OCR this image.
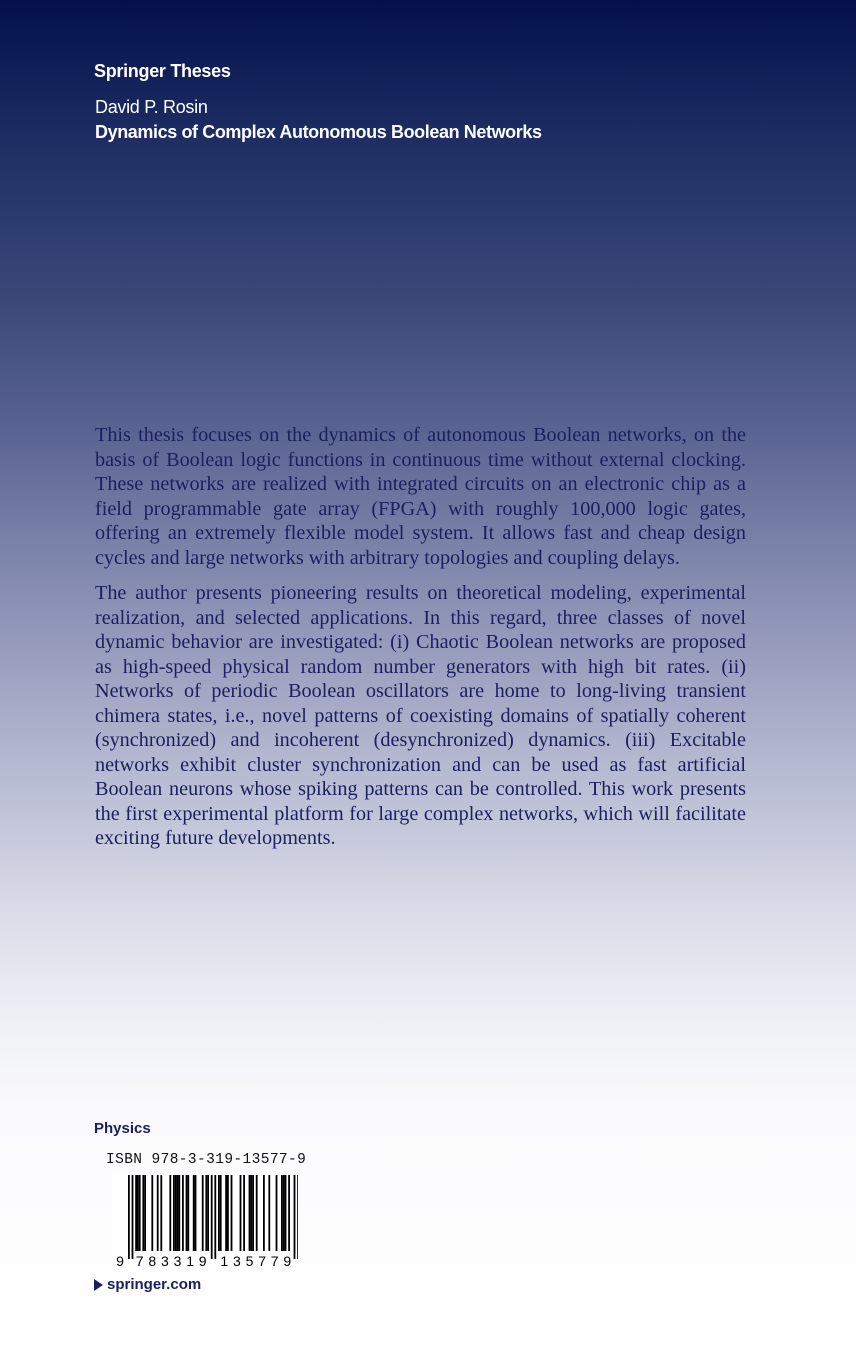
Springer Theses
David P. Rosin
Dynamics of Complex Autonomous Boolean Networks

This thesis focuses on the dynamics of autonomous Boolean networks, on the basis of Boolean logic functions in continuous time without external clocking. These networks are realized with integrated circuits on an electronic chip as a field programmable gate array (FPGA) with roughly 100,000 logic gates, offering an extremely flexible model system. It allows fast and cheap design cycles and large networks with arbitrary topologies and coupling delays.

The author presents pioneering results on theoretical modeling, experimental realization, and selected applications. In this regard, three classes of novel dynamic behavior are investigated: (i) Chaotic Boolean networks are proposed as high-speed physical random number generators with high bit rates. (ii) Networks of periodic Boolean oscillators are home to long-living transient chimera states, i.e., novel patterns of coexisting domains of spatially coherent (synchronized) and incoherent (desynchronized) dynamics. (iii) Excitable networks exhibit cluster synchronization and can be used as fast artificial Boolean neurons whose spiking patterns can be controlled. This work presents the first experimental platform for large complex networks, which will facilitate exciting future developments.

Physics
ISBN 978-3-319-13577-9
9 7 8 3 3 1 9 1 3 5 7 7 9
springer.com
